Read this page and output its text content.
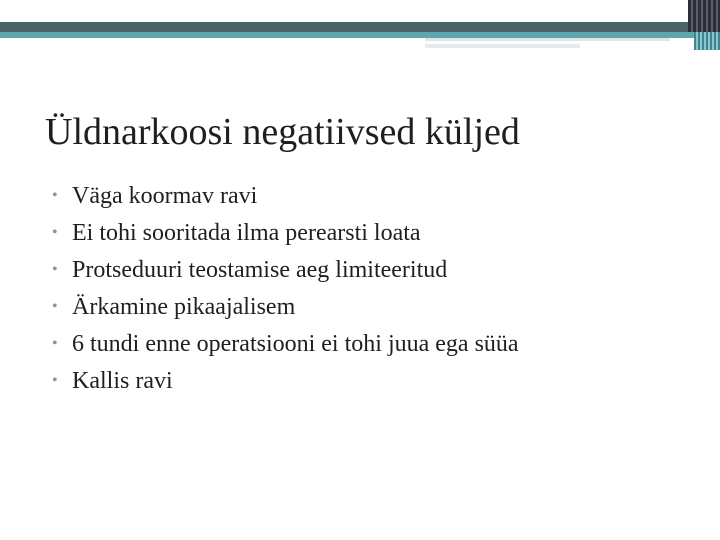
Üldnarkoosi negatiivsed küljed
• Väga koormav ravi
• Ei tohi sooritada ilma perearsti loata
• Protseduuri teostamise aeg limiteeritud
• Ärkamine pikaajalisem
• 6 tundi enne operatsiooni ei tohi juua ega süüa
• Kallis ravi
